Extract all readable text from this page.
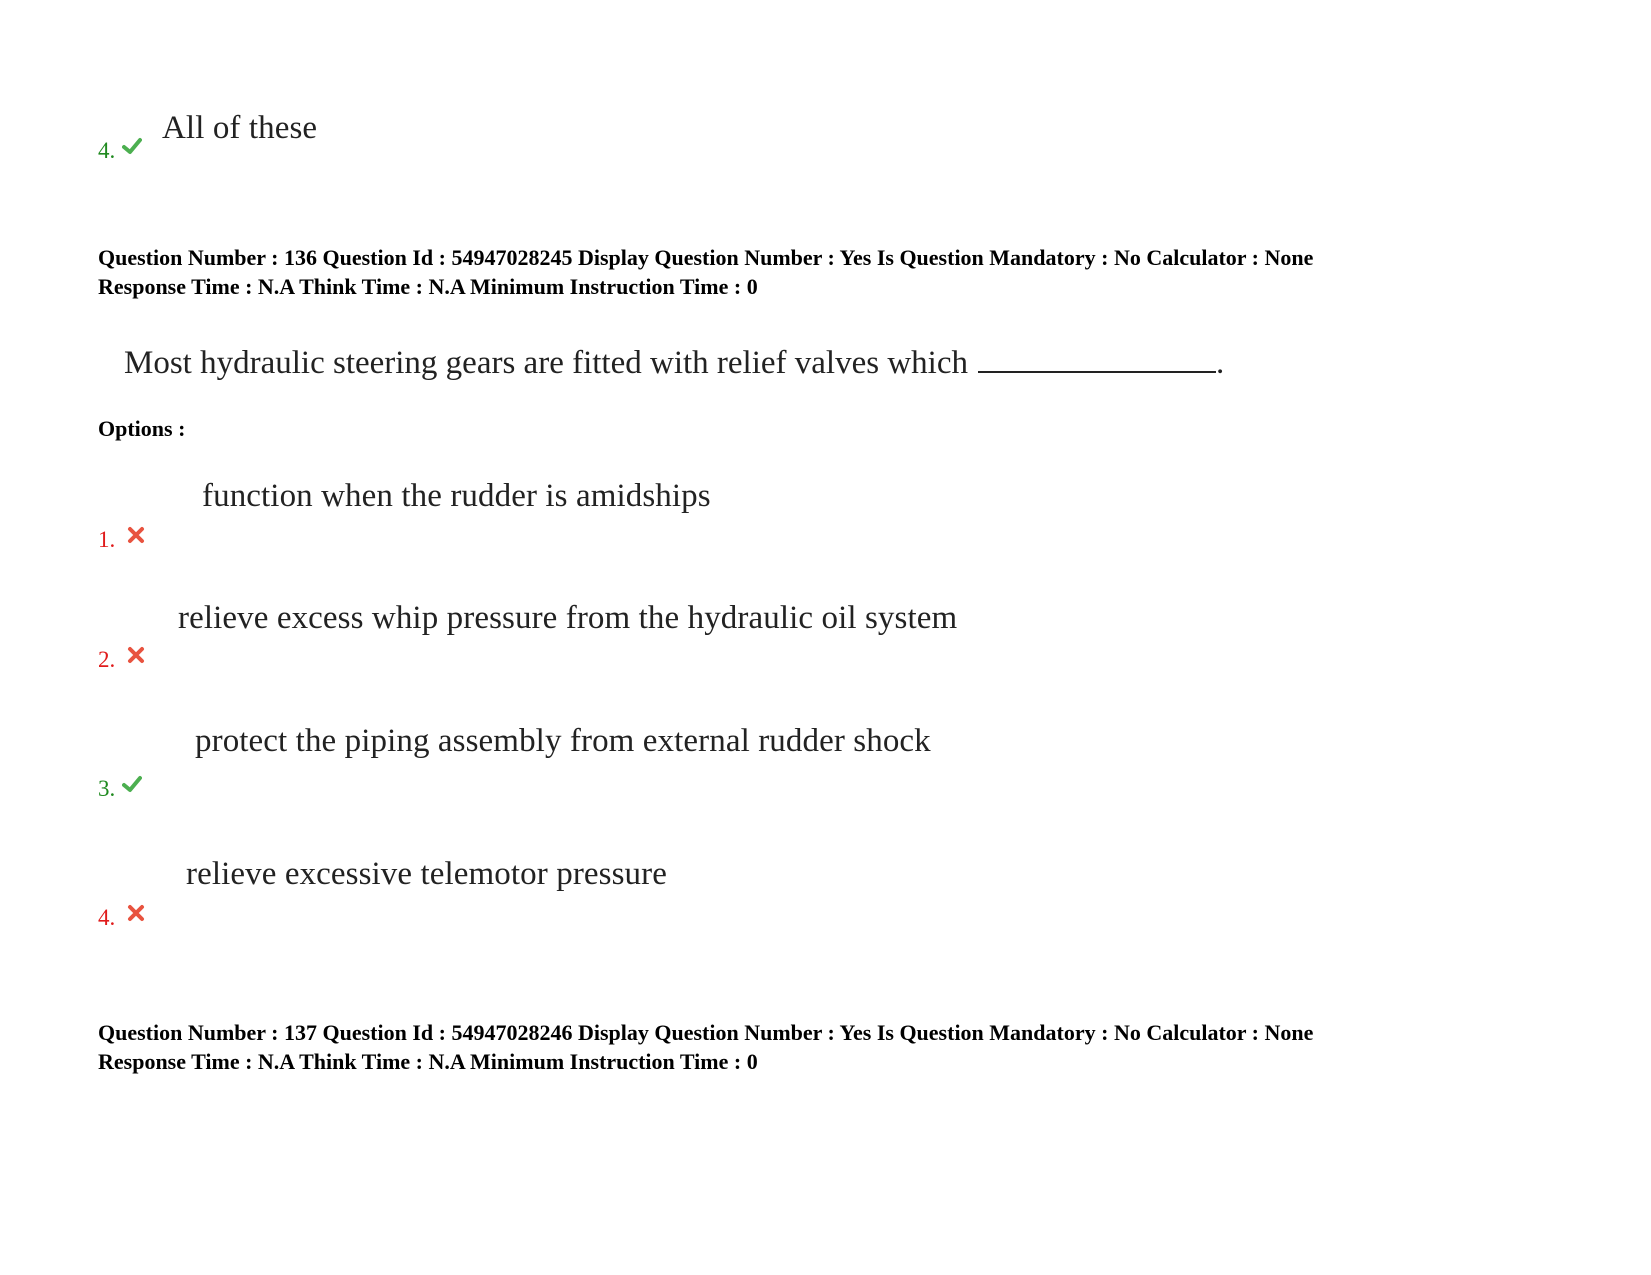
4.
All of these
Question Number : 136 Question Id : 54947028245 Display Question Number : Yes Is Question Mandatory : No Calculator : None
Response Time : N.A Think Time : N.A Minimum Instruction Time : 0
Most hydraulic steering gears are fitted with relief valves which	.
Options :
function when the rudder is amidships
1.
relieve excess whip pressure from the hydraulic oil system
2.
protect the piping assembly from external rudder shock
3.
relieve excessive telemotor pressure
4.
Question Number : 137 Question Id : 54947028246 Display Question Number : Yes Is Question Mandatory : No Calculator : None
Response Time : N.A Think Time : N.A Minimum Instruction Time : 0
